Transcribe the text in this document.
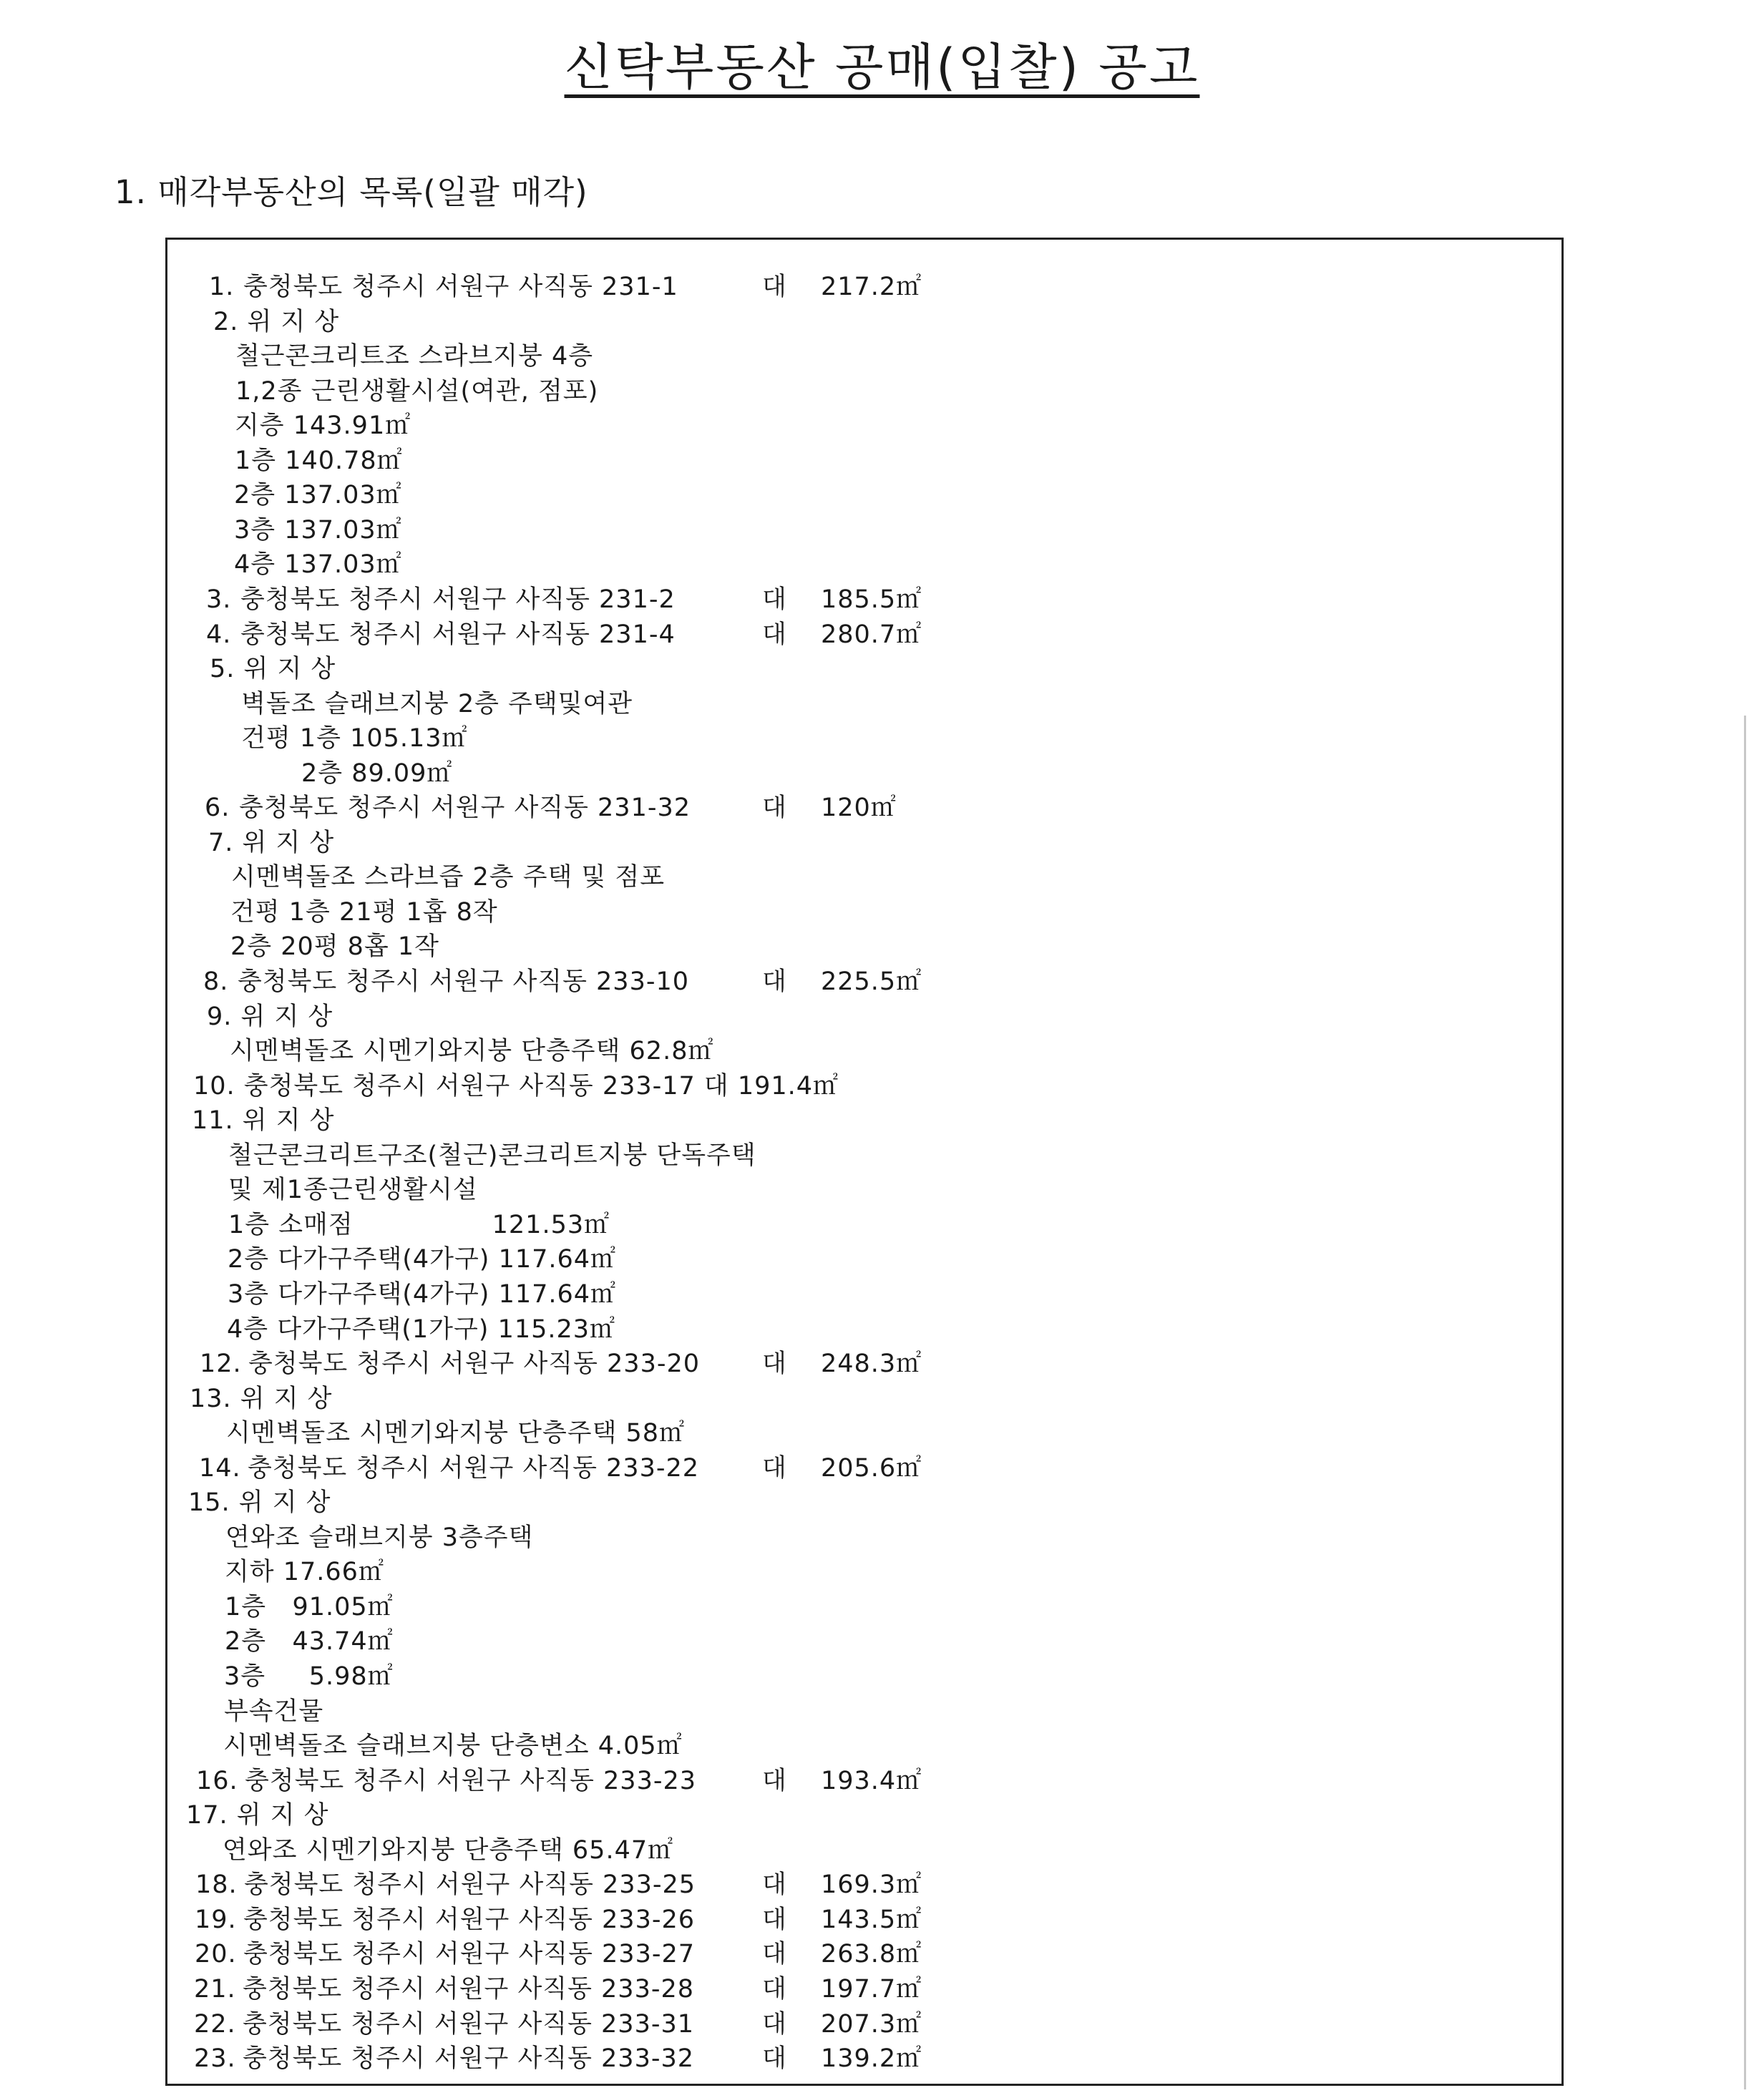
신탁부동산 공매(입찰) 공고
1. 매각부동산의 목록(일괄 매각)
1. 충청북도 청주시 서원구 사직동 231-1	대 217.2㎡
2. 위 지 상
철근콘크리트조 스라브지붕 4층
1,2종 근린생활시설(여관, 점포)
지층 143.91㎡
1층 140.78㎡
2층 137.03㎡
3층 137.03㎡
4층 137.03㎡
3. 충청북도 청주시 서원구 사직동 231-2	대 185.5㎡
4. 충청북도 청주시 서원구 사직동 231-4	대 280.7㎡
5. 위 지 상
벽돌조 슬래브지붕 2층 주택및여관
건평 1층 105.13㎡
2층 89.09㎡
6. 충청북도 청주시 서원구 사직동 231-32	대 120㎡
7. 위 지 상
시멘벽돌조 스라브즙 2층 주택 및 점포
건평 1층 21평 1홉 8작
2층 20평 8홉 1작
8. 충청북도 청주시 서원구 사직동 233-10	대 225.5㎡
9. 위 지 상
시멘벽돌조 시멘기와지붕 단층주택 62.8㎡
10. 충청북도 청주시 서원구 사직동 233-17 대 191.4㎡
11. 위 지 상
철근콘크리트구조(철근)콘크리트지붕 단독주택
및 제1종근린생활시설
1층 소매점                121.53㎡
2층 다가구주택(4가구) 117.64㎡
3층 다가구주택(4가구) 117.64㎡
4층 다가구주택(1가구) 115.23㎡
12. 충청북도 청주시 서원구 사직동 233-20 대 248.3㎡
13. 위 지 상
시멘벽돌조 시멘기와지붕 단층주택 58㎡
14. 충청북도 청주시 서원구 사직동 233-22	대 205.6㎡
15. 위 지 상
연와조 슬래브지붕 3층주택
지하 17.66㎡
1층   91.05㎡
2층   43.74㎡
3층     5.98㎡
부속건물
시멘벽돌조 슬래브지붕 단층변소 4.05㎡
16. 충청북도 청주시 서원구 사직동 233-23	대 193.4㎡
17. 위 지 상
연와조 시멘기와지붕 단층주택 65.47㎡
18. 충청북도 청주시 서원구 사직동 233-25	대 169.3㎡
19. 충청북도 청주시 서원구 사직동 233-26	대 143.5㎡
20. 충청북도 청주시 서원구 사직동 233-27	대 263.8㎡
21. 충청북도 청주시 서원구 사직동 233-28	대 197.7㎡
22. 충청북도 청주시 서원구 사직동 233-31	대 207.3㎡
23. 충청북도 청주시 서원구 사직동 233-32	대 139.2㎡
